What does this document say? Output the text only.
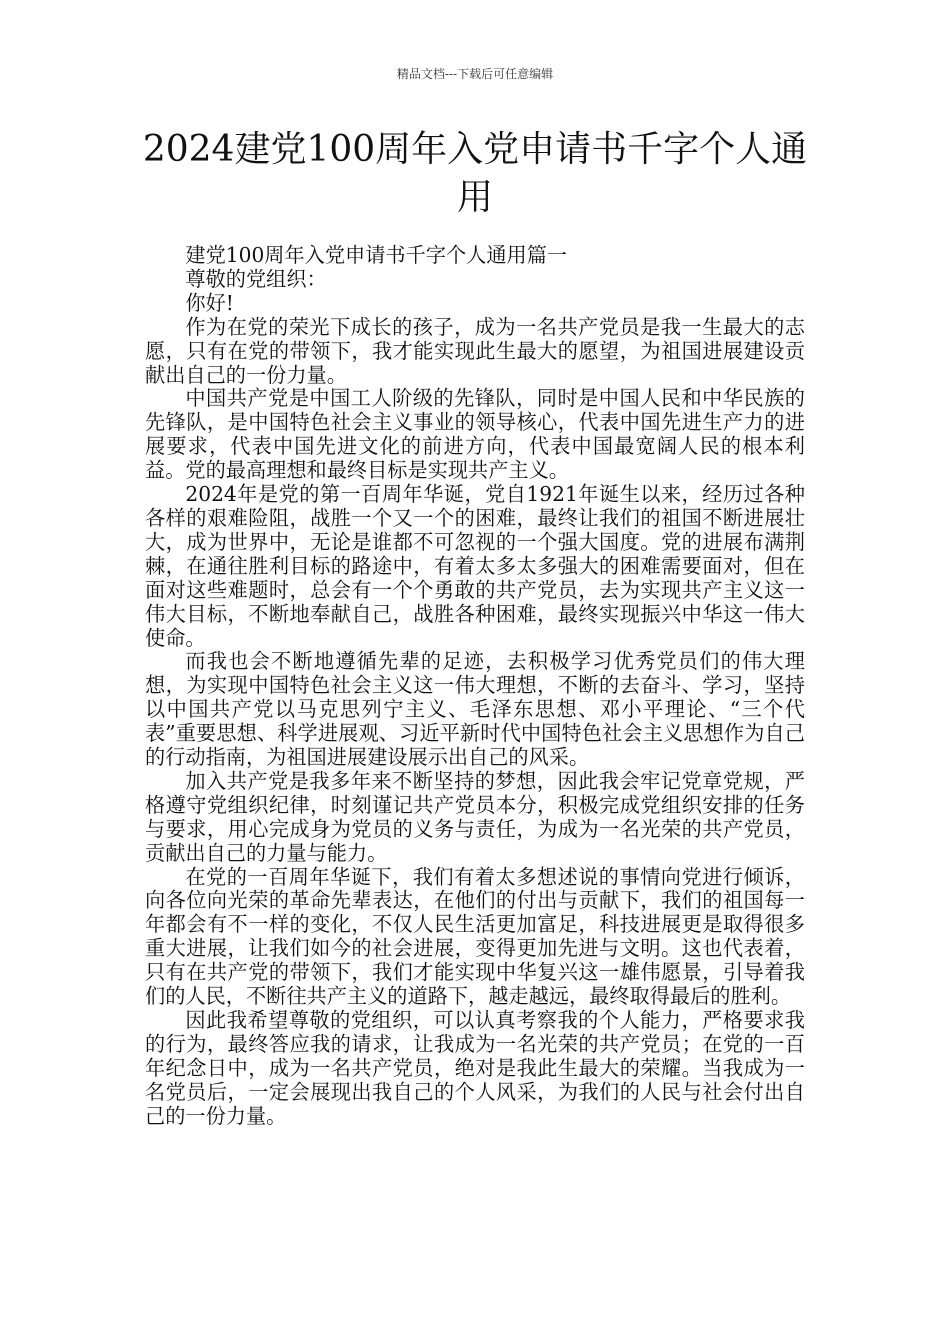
精品文档---下载后可任意编辑
2024建党100周年入党申请书千字个人通用

建党100周年入党申请书千字个人通用篇一

尊敬的党组织：

你好!

作为在党的荣光下成长的孩子，成为一名共产党员是我一生最大的志愿，只有在党的带领下，我才能实现此生最大的愿望，为祖国进展建设贡献出自己的一份力量。

中国共产党是中国工人阶级的先锋队，同时是中国人民和中华民族的先锋队，是中国特色社会主义事业的领导核心，代表中国先进生产力的进展要求，代表中国先进文化的前进方向，代表中国最宽阔人民的根本利益。党的最高理想和最终目标是实现共产主义。

2024年是党的第一百周年华诞，党自1921年诞生以来，经历过各种各样的艰难险阻，战胜一个又一个的困难，最终让我们的祖国不断进展壮大，成为世界中，无论是谁都不可忽视的一个强大国度。党的进展布满荆棘，在通往胜利目标的路途中，有着太多太多强大的困难需要面对，但在面对这些难题时，总会有一个个勇敢的共产党员，去为实现共产主义这一伟大目标，不断地奉献自己，战胜各种困难，最终实现振兴中华这一伟大使命。

而我也会不断地遵循先辈的足迹，去积极学习优秀党员们的伟大理想，为实现中国特色社会主义这一伟大理想，不断的去奋斗、学习，坚持以中国共产党以马克思列宁主义、毛泽东思想、邓小平理论、“三个代表”重要思想、科学进展观、习近平新时代中国特色社会主义思想作为自己的行动指南，为祖国进展建设展示出自己的风采。

加入共产党是我多年来不断坚持的梦想，因此我会牢记党章党规，严格遵守党组织纪律，时刻谨记共产党员本分，积极完成党组织安排的任务与要求，用心完成身为党员的义务与责任，为成为一名光荣的共产党员，贡献出自己的力量与能力。

在党的一百周年华诞下，我们有着太多想述说的事情向党进行倾诉，向各位向光荣的革命先辈表达，在他们的付出与贡献下，我们的祖国每一年都会有不一样的变化，不仅人民生活更加富足，科技进展更是取得很多重大进展，让我们如今的社会进展，变得更加先进与文明。这也代表着，只有在共产党的带领下，我们才能实现中华复兴这一雄伟愿景，引导着我们的人民，不断往共产主义的道路下，越走越远，最终取得最后的胜利。

因此我希望尊敬的党组织，可以认真考察我的个人能力，严格要求我的行为，最终答应我的请求，让我成为一名光荣的共产党员；在党的一百年纪念日中，成为一名共产党员，绝对是我此生最大的荣耀。当我成为一名党员后，一定会展现出我自己的个人风采，为我们的人民与社会付出自己的一份力量。
